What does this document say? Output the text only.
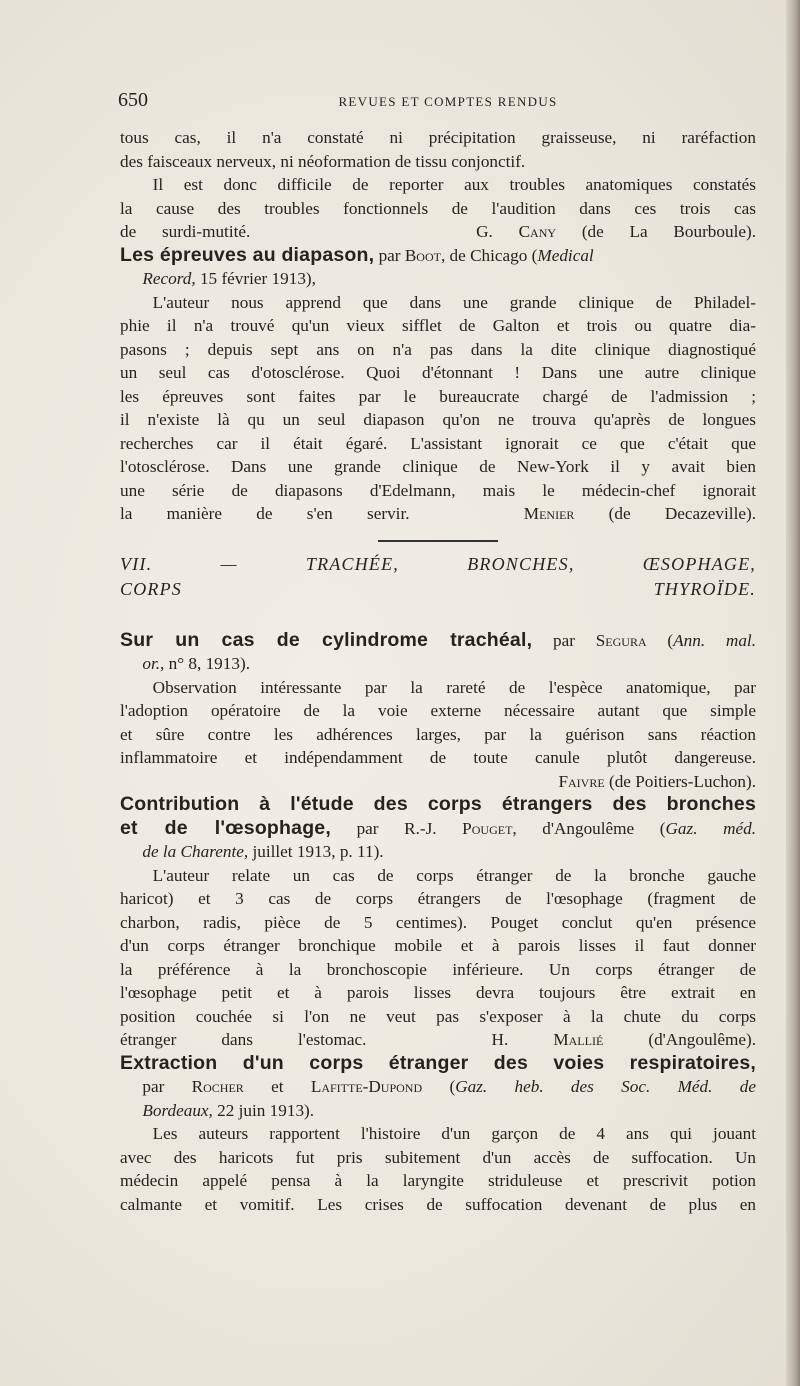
650	REVUES ET COMPTES RENDUS

tous cas, il n'a constaté ni précipitation graisseuse, ni raréfaction

des faisceaux nerveux, ni néoformation de tissu conjonctif.

Il est donc difficile de reporter aux troubles anatomiques constatés

la cause des troubles fonctionnels de l'audition dans ces trois cas

de surdi-mutité.	G. Cany (de La Bourboule).

Les épreuves au diapason, par Boot, de Chicago (Medical

Record, 15 février 1913),

L'auteur nous apprend que dans une grande clinique de Philadel-

phie il n'a trouvé qu'un vieux sifflet de Galton et trois ou quatre dia-

pasons ; depuis sept ans on n'a pas dans la dite clinique diagnostiqué

un seul cas d'otosclérose. Quoi d'étonnant ! Dans une autre clinique

les épreuves sont faites par le bureaucrate chargé de l'admission ;

il n'existe là qu un seul diapason qu'on ne trouva qu'après de longues

recherches car il était égaré. L'assistant ignorait ce que c'était que

l'otosclérose. Dans une grande clinique de New-York il y avait bien

une série de diapasons d'Edelmann, mais le médecin-chef ignorait

la manière de s'en servir.	Menier (de Decazeville).

VII. — TRACHÉE, BRONCHES, ŒSOPHAGE,

CORPS THYROÏDE.

Sur un cas de cylindrome trachéal, par Segura (Ann. mal.

or., n° 8, 1913).

Observation intéressante par la rareté de l'espèce anatomique, par

l'adoption opératoire de la voie externe nécessaire autant que simple

et sûre contre les adhérences larges, par la guérison sans réaction

inflammatoire et indépendamment de toute canule plutôt dangereuse.

Faivre (de Poitiers-Luchon).

Contribution à l'étude des corps étrangers des bronches

et de l'œsophage, par R.-J. Pouget, d'Angoulême (Gaz. méd.

de la Charente, juillet 1913, p. 11).

L'auteur relate un cas de corps étranger de la bronche gauche

haricot) et 3 cas de corps étrangers de l'œsophage (fragment de

charbon, radis, pièce de 5 centimes). Pouget conclut qu'en présence

d'un corps étranger bronchique mobile et à parois lisses il faut donner

la préférence à la bronchoscopie inférieure. Un corps étranger de

l'œsophage petit et à parois lisses devra toujours être extrait en

position couchée si l'on ne veut pas s'exposer à la chute du corps

étranger dans l'estomac.	H. Mallié (d'Angoulême).

Extraction d'un corps étranger des voies respiratoires,

par Rocher et Lafitte-Dupond (Gaz. heb. des Soc. Méd. de

Bordeaux, 22 juin 1913).

Les auteurs rapportent l'histoire d'un garçon de 4 ans qui jouant

avec des haricots fut pris subitement d'un accès de suffocation. Un

médecin appelé pensa à la laryngite striduleuse et prescrivit potion

calmante et vomitif. Les crises de suffocation devenant de plus en
